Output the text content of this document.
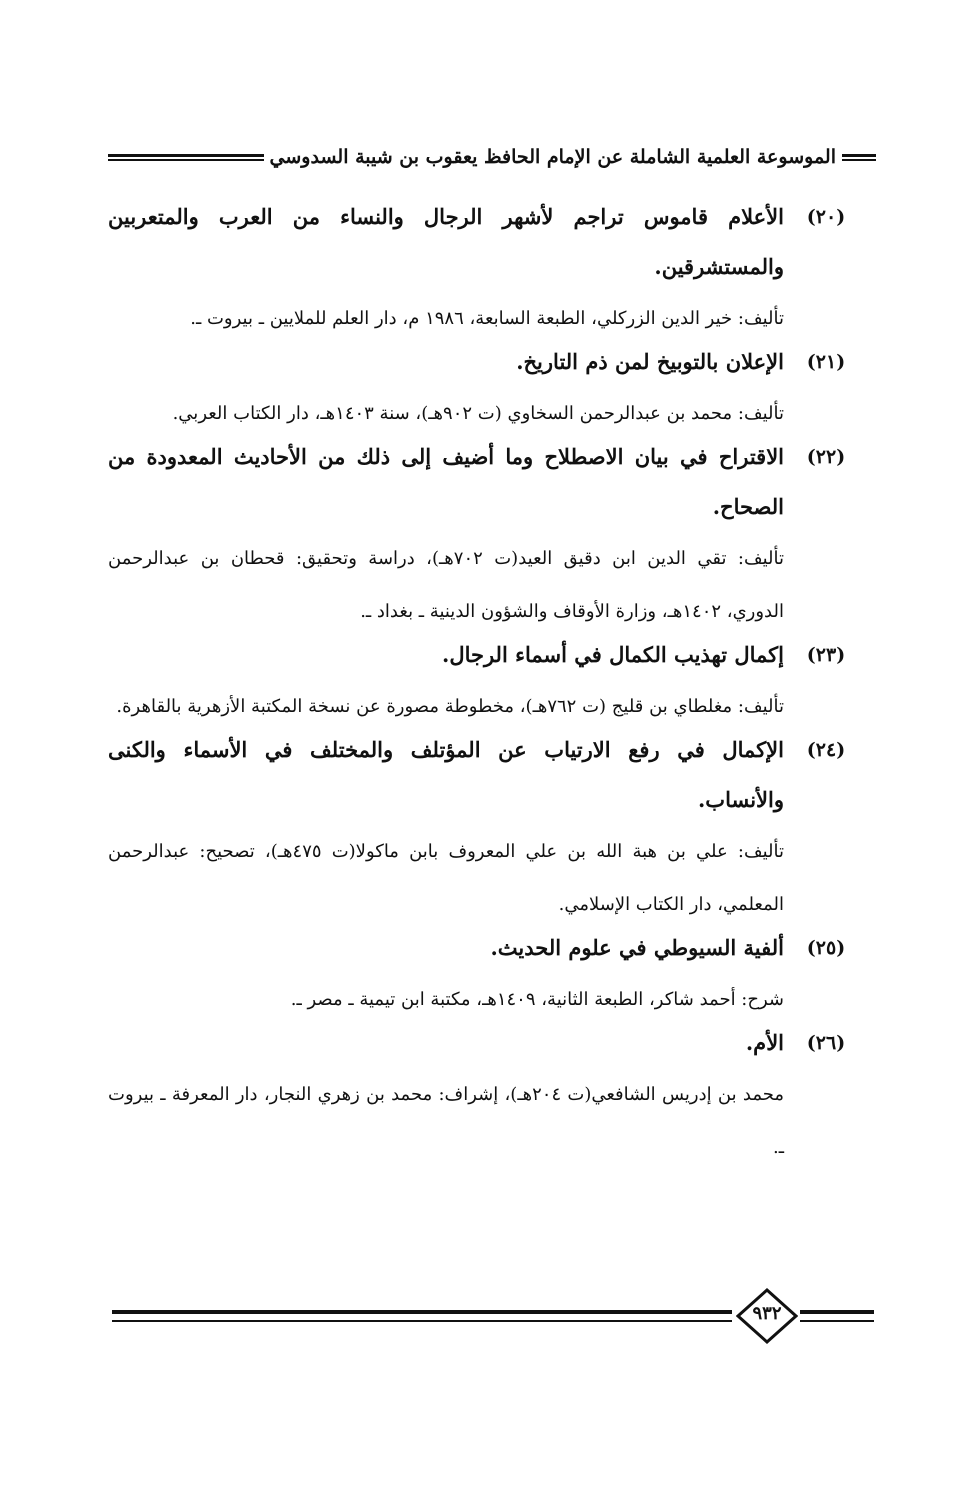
الموسوعة العلمية الشاملة عن الإمام الحافظ يعقوب بن شيبة السدوسي
(٢٠)
الأعلام قاموس تراجم لأشهر الرجال والنساء من العرب والمتعربين والمستشرقين.
تأليف: خير الدين الزركلي، الطبعة السابعة، ١٩٨٦ م، دار العلم للملايين ـ بيروت ـ.
(٢١)
الإعلان بالتوبيخ لمن ذم التاريخ.
تأليف: محمد بن عبدالرحمن السخاوي (ت ٩٠٢هـ)، سنة ١٤٠٣هـ، دار الكتاب العربي.
(٢٢)
الاقتراح في بيان الاصطلاح وما أضيف إلى ذلك من الأحاديث المعدودة من الصحاح.
تأليف: تقي الدين ابن دقيق العيد(ت ٧٠٢هـ)، دراسة وتحقيق: قحطان بن عبدالرحمن الدوري، ١٤٠٢هـ، وزارة الأوقاف والشؤون الدينية ـ بغداد ـ.
(٢٣)
إكمال تهذيب الكمال في أسماء الرجال.
تأليف: مغلطاي بن قليج (ت ٧٦٢هـ)، مخطوطة مصورة عن نسخة المكتبة الأزهرية بالقاهرة.
(٢٤)
الإكمال في رفع الارتياب عن المؤتلف والمختلف في الأسماء والكنى والأنساب.
تأليف: علي بن هبة الله بن علي المعروف بابن ماكولا(ت ٤٧٥هـ)، تصحيح: عبدالرحمن المعلمي، دار الكتاب الإسلامي.
(٢٥)
ألفية السيوطي في علوم الحديث.
شرح: أحمد شاكر، الطبعة الثانية، ١٤٠٩هـ، مكتبة ابن تيمية ـ مصر ـ.
(٢٦)
الأم.
محمد بن إدريس الشافعي(ت ٢٠٤هـ)، إشراف: محمد بن زهري النجار، دار المعرفة ـ بيروت ـ.
٩٣٢
